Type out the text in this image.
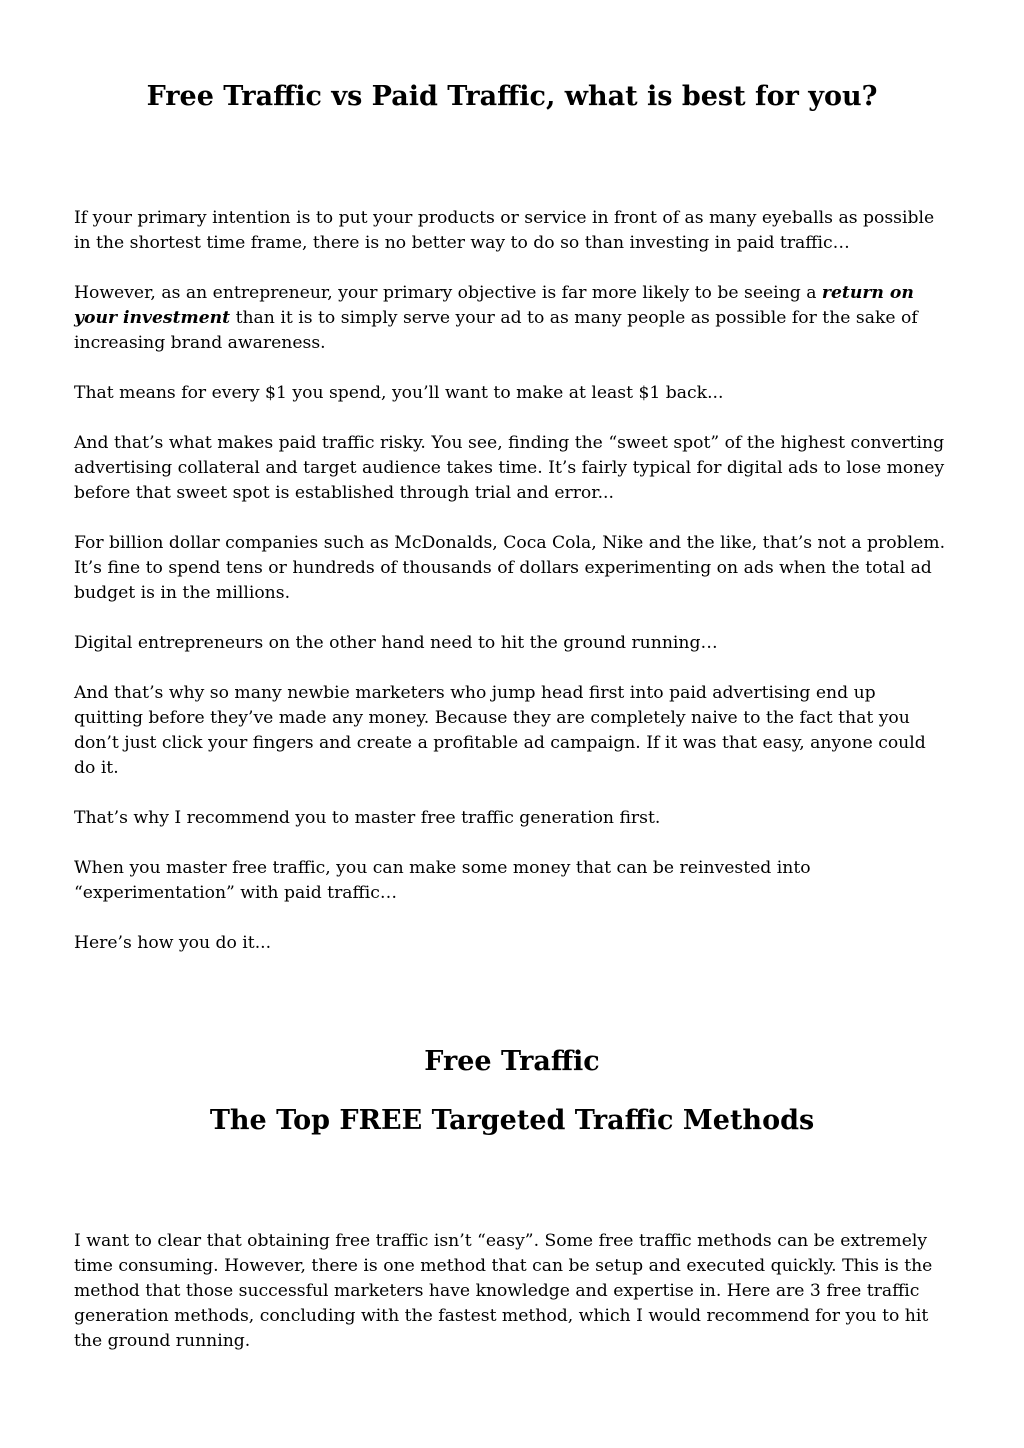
Free Traffic vs Paid Traffic, what is best for you?

If your primary intention is to put your products or service in front of as many eyeballs as possible in the shortest time frame, there is no better way to do so than investing in paid traffic…

However, as an entrepreneur, your primary objective is far more likely to be seeing a return on your investment than it is to simply serve your ad to as many people as possible for the sake of increasing brand awareness.

That means for every $1 you spend, you’ll want to make at least $1 back...

And that’s what makes paid traffic risky. You see, finding the “sweet spot” of the highest converting advertising collateral and target audience takes time. It’s fairly typical for digital ads to lose money before that sweet spot is established through trial and error...

For billion dollar companies such as McDonalds, Coca Cola, Nike and the like, that’s not a problem. It’s fine to spend tens or hundreds of thousands of dollars experimenting on ads when the total ad budget is in the millions.

Digital entrepreneurs on the other hand need to hit the ground running…

And that’s why so many newbie marketers who jump head first into paid advertising end up quitting before they’ve made any money. Because they are completely naive to the fact that you don’t just click your fingers and create a profitable ad campaign. If it was that easy, anyone could do it.

That’s why I recommend you to master free traffic generation first.

When you master free traffic, you can make some money that can be reinvested into “experimentation” with paid traffic…

Here’s how you do it...

Free Traffic
The Top FREE Targeted Traffic Methods

I want to clear that obtaining free traffic isn’t “easy”. Some free traffic methods can be extremely time consuming. However, there is one method that can be setup and executed quickly. This is the method that those successful marketers have knowledge and expertise in. Here are 3 free traffic generation methods, concluding with the fastest method, which I would recommend for you to hit the ground running.
